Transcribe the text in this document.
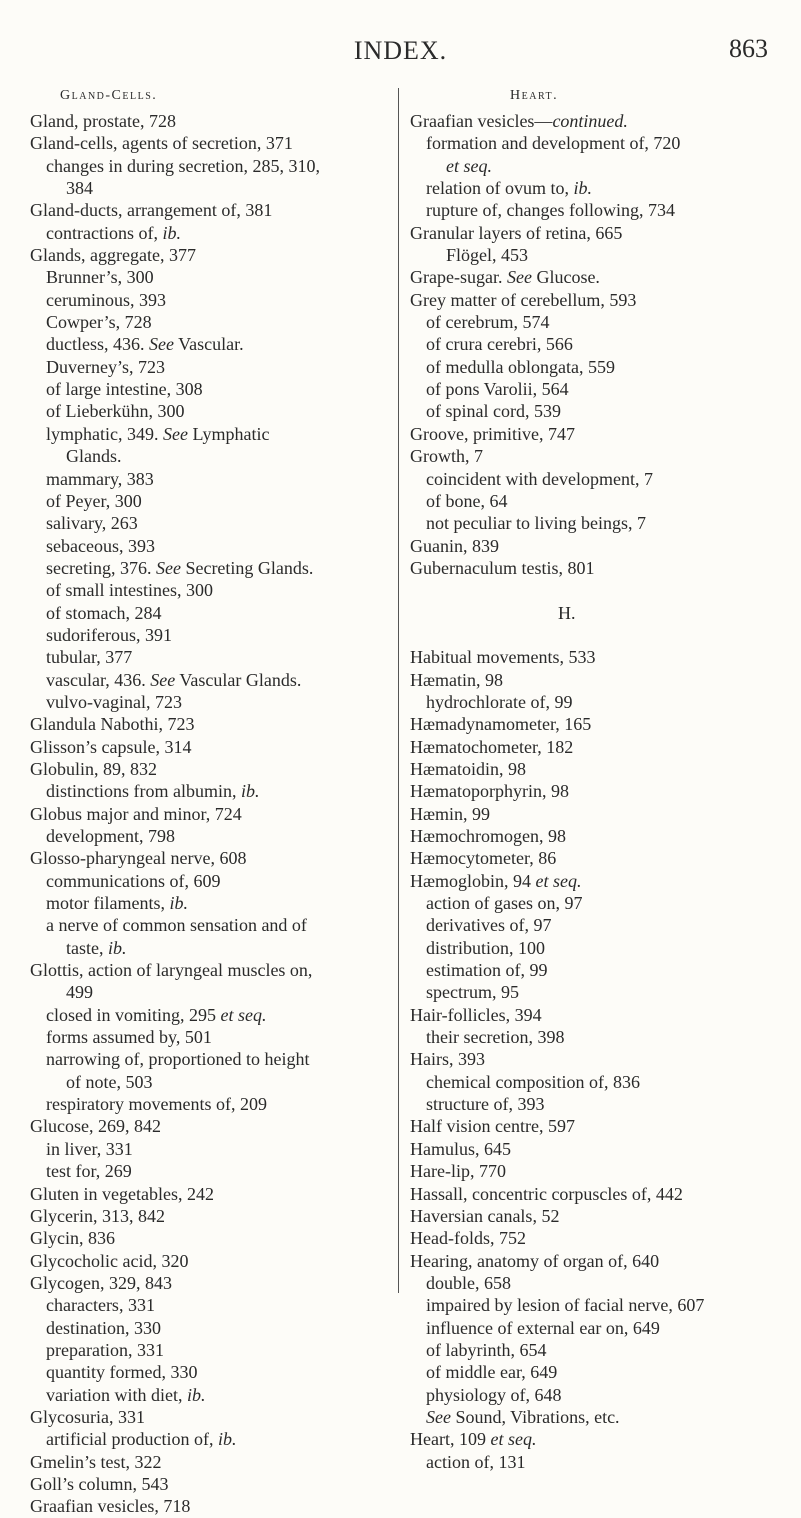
INDEX.	863
Gland-Cells.	Heart.
Gland, prostate, 728
Gland-cells, agents of secretion, 371
changes in during secretion, 285, 310,
384
Gland-ducts, arrangement of, 381
contractions of, ib.
Glands, aggregate, 377
Brunner’s, 300
ceruminous, 393
Cowper’s, 728
ductless, 436. See Vascular.
Duverney’s, 723
of large intestine, 308
of Lieberkühn, 300
lymphatic, 349. See Lymphatic
Glands.
mammary, 383
of Peyer, 300
salivary, 263
sebaceous, 393
secreting, 376. See Secreting Glands.
of small intestines, 300
of stomach, 284
sudoriferous, 391
tubular, 377
vascular, 436. See Vascular Glands.
vulvo-vaginal, 723
Glandula Nabothi, 723
Glisson’s capsule, 314
Globulin, 89, 832
distinctions from albumin, ib.
Globus major and minor, 724
development, 798
Glosso-pharyngeal nerve, 608
communications of, 609
motor filaments, ib.
a nerve of common sensation and of
taste, ib.
Glottis, action of laryngeal muscles on,
499
closed in vomiting, 295 et seq.
forms assumed by, 501
narrowing of, proportioned to height
of note, 503
respiratory movements of, 209
Glucose, 269, 842
in liver, 331
test for, 269
Gluten in vegetables, 242
Glycerin, 313, 842
Glycin, 836
Glycocholic acid, 320
Glycogen, 329, 843
characters, 331
destination, 330
preparation, 331
quantity formed, 330
variation with diet, ib.
Glycosuria, 331
artificial production of, ib.
Gmelin’s test, 322
Goll’s column, 543
Graafian vesicles, 718
Graafian vesicles—continued.
formation and development of, 720
et seq.
relation of ovum to, ib.
rupture of, changes following, 734
Granular layers of retina, 665
Flögel, 453
Grape-sugar. See Glucose.
Grey matter of cerebellum, 593
of cerebrum, 574
of crura cerebri, 566
of medulla oblongata, 559
of pons Varolii, 564
of spinal cord, 539
Groove, primitive, 747
Growth, 7
coincident with development, 7
of bone, 64
not peculiar to living beings, 7
Guanin, 839
Gubernaculum testis, 801
H.
Habitual movements, 533
Hæmatin, 98
hydrochlorate of, 99
Hæmadynamometer, 165
Hæmatochometer, 182
Hæmatoidin, 98
Hæmatoporphyrin, 98
Hæmin, 99
Hæmochromogen, 98
Hæmocytometer, 86
Hæmoglobin, 94 et seq.
action of gases on, 97
derivatives of, 97
distribution, 100
estimation of, 99
spectrum, 95
Hair-follicles, 394
their secretion, 398
Hairs, 393
chemical composition of, 836
structure of, 393
Half vision centre, 597
Hamulus, 645
Hare-lip, 770
Hassall, concentric corpuscles of, 442
Haversian canals, 52
Head-folds, 752
Hearing, anatomy of organ of, 640
double, 658
impaired by lesion of facial nerve, 607
influence of external ear on, 649
of labyrinth, 654
of middle ear, 649
physiology of, 648
See Sound, Vibrations, etc.
Heart, 109 et seq.
action of, 131
